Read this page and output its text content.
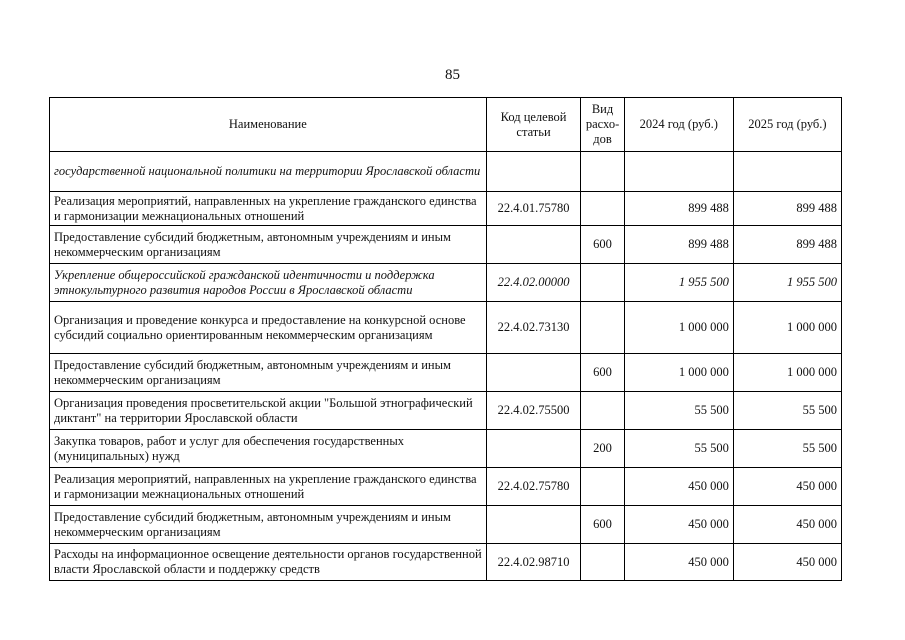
85
Наименование	Код целевой статьи	Вид расхо-дов	2024 год (руб.)	2025 год (руб.)
государственной национальной политики на территории Ярославской области				
Реализация мероприятий, направленных на укрепление гражданского единства и гармонизации межнациональных отношений	22.4.01.75780		899 488	899 488
Предоставление субсидий бюджетным, автономным учреждениям и иным некоммерческим организациям		600	899 488	899 488
Укрепление общероссийской гражданской идентичности и поддержка этнокультурного развития народов России в Ярославской области	22.4.02.00000		1 955 500	1 955 500
Организация и проведение конкурса и предоставление на конкурсной основе субсидий социально ориентированным некоммерческим организациям	22.4.02.73130		1 000 000	1 000 000
Предоставление субсидий бюджетным, автономным учреждениям и иным некоммерческим организациям		600	1 000 000	1 000 000
Организация проведения просветительской акции "Большой этнографический диктант" на территории Ярославской области	22.4.02.75500		55 500	55 500
Закупка товаров, работ и услуг для обеспечения государственных (муниципальных) нужд		200	55 500	55 500
Реализация мероприятий, направленных на укрепление гражданского единства и гармонизации межнациональных отношений	22.4.02.75780		450 000	450 000
Предоставление субсидий бюджетным, автономным учреждениям и иным некоммерческим организациям		600	450 000	450 000
Расходы на информационное освещение деятельности органов государственной власти Ярославской области и поддержку средств	22.4.02.98710		450 000	450 000
